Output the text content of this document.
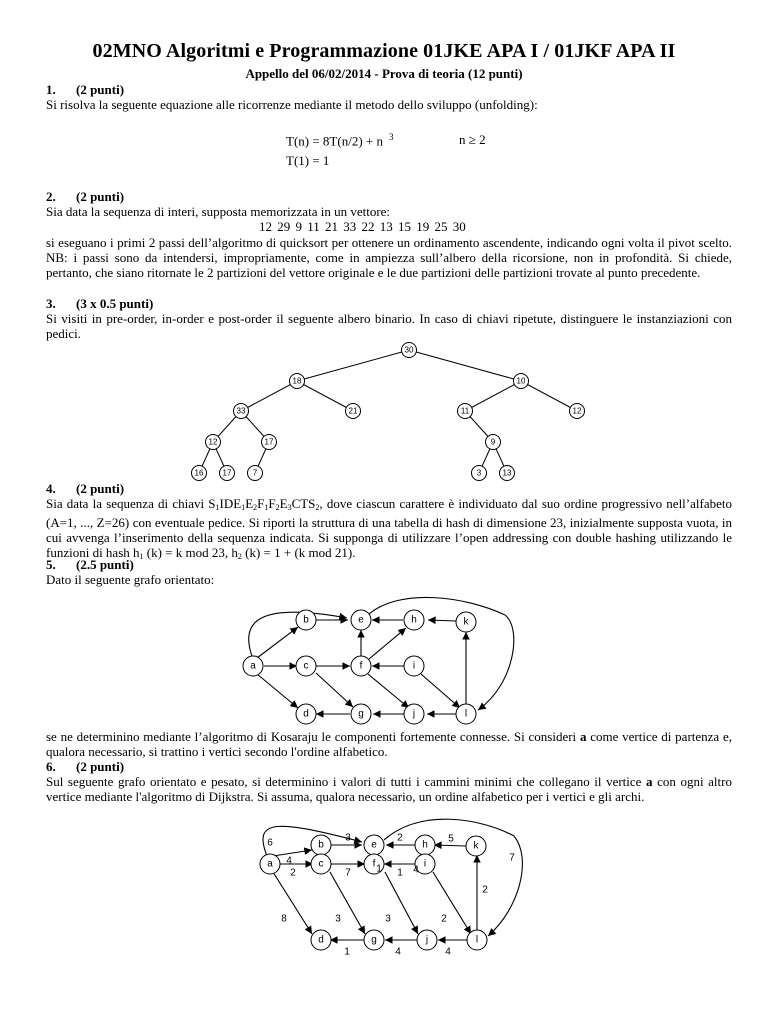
02MNO Algoritmi e Programmazione 01JKE APA I / 01JKF APA II
Appello del 06/02/2014 - Prova di teoria (12 punti)
1. (2 punti)
Si risolva la seguente equazione alle ricorrenze mediante il metodo dello sviluppo (unfolding):
T(n) = 8T(n/2) + n $^3$	n ≥ 2
T(1) = 1
2. (2 punti)
Sia data la sequenza di interi, supposta memorizzata in un vettore:
12 29 9 11 21 33 22 13 15 19 25 30
si eseguano i primi 2 passi dell’algoritmo di quicksort per ottenere un ordinamento ascendente, indicando ogni volta il pivot scelto. NB: i passi sono da intendersi, impropriamente, come in ampiezza sull’albero della ricorsione, non in profondità. Si chiede, pertanto, che siano ritornate le 2 partizioni del vettore originale e le due partizioni delle partizioni trovate al punto precedente.
3. (3 x 0.5 punti)
Si visiti in pre-order, in-order e post-order il seguente albero binario. In caso di chiavi ripetute, distinguere le instanziazioni con pedici.
30
18	10
33	21	11	12
12	17	9
16 17	7	3	13
4. (2 punti)
Sia data la sequenza di chiavi $S_1IDE_1E_2F_1F_2E_3CTS_2$, dove ciascun carattere è individuato dal suo ordine progressivo nell’alfabeto (A=1, ..., Z=26) con eventuale pedice. Si riporti la struttura di una tabella di hash di dimensione 23, inizialmente supposta vuota, in cui avvenga l’inserimento della sequenza indicata. Si supponga di utilizzare l’open addressing con double hashing utilizzando le funzioni di hash $h_1$ (k) = k mod 23, $h_2$ (k) = 1 + (k mod 21).
5. (2.5 punti)
Dato il seguente grafo orientato:
a
b
c
d
e
f
g
h
i
j
k
l
se ne determinino mediante l’algoritmo di Kosaraju le componenti fortemente connesse. Si consideri a come vertice di partenza e, qualora necessario, si trattino i vertici secondo l'ordine alfabetico.
6. (2 punti)
Sul seguente grafo orientato e pesato, si determinino i valori di tutti i cammini minimi che collegano il vertice a con ogni altro vertice mediante l'algoritmo di Dijkstra. Si assuma, qualora necessario, un ordine alfabetico per i vertici e gli archi.
a
b
c
d
e
f
g
h
i
j
k
l
6
4
3	2	5
1	4
2	7	1
8	3	3	2
1	4	4
2
7
